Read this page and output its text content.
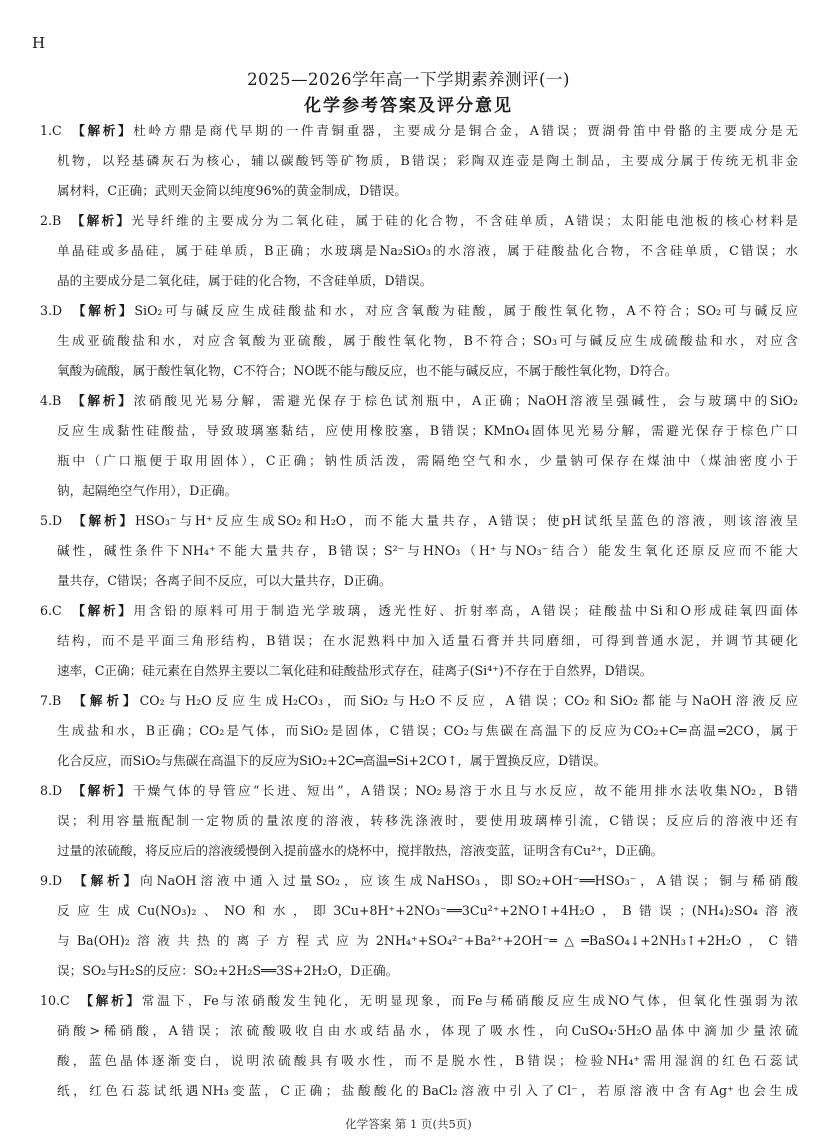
H
2025—2026学年高一下学期素养测评(一)
化学参考答案及评分意见
1.C 【解析】杜岭方鼎是商代早期的一件青铜重器，主要成分是铜合金，A错误；贾湖骨笛中骨骼的主要成分是无
机物，以羟基磷灰石为核心，辅以碳酸钙等矿物质，B错误；彩陶双连壶是陶土制品，主要成分属于传统无机非金
属材料，C正确；武则天金简以纯度96%的黄金制成，D错误。
2.B 【解析】光导纤维的主要成分为二氧化硅，属于硅的化合物，不含硅单质，A错误；太阳能电池板的核心材料是
单晶硅或多晶硅，属于硅单质，B正确；水玻璃是Na₂SiO₃的水溶液，属于硅酸盐化合物，不含硅单质，C错误；水
晶的主要成分是二氧化硅，属于硅的化合物，不含硅单质，D错误。
3.D 【解析】SiO₂可与碱反应生成硅酸盐和水，对应含氧酸为硅酸，属于酸性氧化物，A不符合；SO₂可与碱反应
生成亚硫酸盐和水，对应含氧酸为亚硫酸，属于酸性氧化物，B不符合；SO₃可与碱反应生成硫酸盐和水，对应含
氧酸为硫酸，属于酸性氧化物，C不符合；NO既不能与酸反应，也不能与碱反应，不属于酸性氧化物，D符合。
4.B 【解析】浓硝酸见光易分解，需避光保存于棕色试剂瓶中，A正确；NaOH溶液呈强碱性，会与玻璃中的SiO₂
反应生成黏性硅酸盐，导致玻璃塞黏结，应使用橡胶塞，B错误；KMnO₄固体见光易分解，需避光保存于棕色广口
瓶中（广口瓶便于取用固体），C正确；钠性质活泼，需隔绝空气和水，少量钠可保存在煤油中（煤油密度小于
钠，起隔绝空气作用），D正确。
5.D 【解析】HSO₃⁻与H⁺反应生成SO₂和H₂O，而不能大量共存，A错误；使pH试纸呈蓝色的溶液，则该溶液呈
碱性，碱性条件下NH₄⁺不能大量共存，B错误；S²⁻与HNO₃（H⁺与NO₃⁻结合）能发生氧化还原反应而不能大
量共存，C错误；各离子间不反应，可以大量共存，D正确。
6.C 【解析】用含铅的原料可用于制造光学玻璃，透光性好、折射率高，A错误；硅酸盐中Si和O形成硅氧四面体
结构，而不是平面三角形结构，B错误；在水泥熟料中加入适量石膏并共同磨细，可得到普通水泥，并调节其硬化
速率，C正确；硅元素在自然界主要以二氧化硅和硅酸盐形式存在，硅离子(Si⁴⁺)不存在于自然界，D错误。
7.B 【解析】CO₂与H₂O反应生成H₂CO₃，而SiO₂与H₂O不反应，A错误；CO₂和SiO₂都能与NaOH溶液反应
生成盐和水，B正确；CO₂是气体，而SiO₂是固体，C错误；CO₂与焦碳在高温下的反应为CO₂+C═高温═2CO，属于
化合反应，而SiO₂与焦碳在高温下的反应为SiO₂+2C═高温═Si+2CO↑，属于置换反应，D错误。
8.D 【解析】干燥气体的导管应“长进、短出”，A错误；NO₂易溶于水且与水反应，故不能用排水法收集NO₂，B错
误；利用容量瓶配制一定物质的量浓度的溶液，转移洗涤液时，要使用玻璃棒引流，C错误；反应后的溶液中还有
过量的浓硫酸，将反应后的溶液缓慢倒入提前盛水的烧杯中，搅拌散热，溶液变蓝，证明含有Cu²⁺，D正确。
9.D 【解析】向NaOH溶液中通入过量SO₂，应该生成NaHSO₃，即SO₂+OH⁻══HSO₃⁻，A错误；铜与稀硝酸
反应生成Cu(NO₃)₂、NO和水，即3Cu+8H⁺+2NO₃⁻══3Cu²⁺+2NO↑+4H₂O，B错误；(NH₄)₂SO₄溶液
与Ba(OH)₂溶液共热的离子方程式应为2NH₄⁺+SO₄²⁻+Ba²⁺+2OH⁻═△═BaSO₄↓+2NH₃↑+2H₂O，C错
误；SO₂与H₂S的反应：SO₂+2H₂S══3S+2H₂O，D正确。
10.C 【解析】常温下，Fe与浓硝酸发生钝化，无明显现象，而Fe与稀硝酸反应生成NO气体，但氧化性强弱为浓
硝酸>稀硝酸，A错误；浓硫酸吸收自由水或结晶水，体现了吸水性，向CuSO₄·5H₂O晶体中滴加少量浓硫
酸，蓝色晶体逐渐变白，说明浓硫酸具有吸水性，而不是脱水性，B错误；检验NH₄⁺需用湿润的红色石蕊试
纸，红色石蕊试纸遇NH₃变蓝，C正确；盐酸酸化的BaCl₂溶液中引入了Cl⁻，若原溶液中含有Ag⁺也会生成
化学答案 第 1 页(共5页)
